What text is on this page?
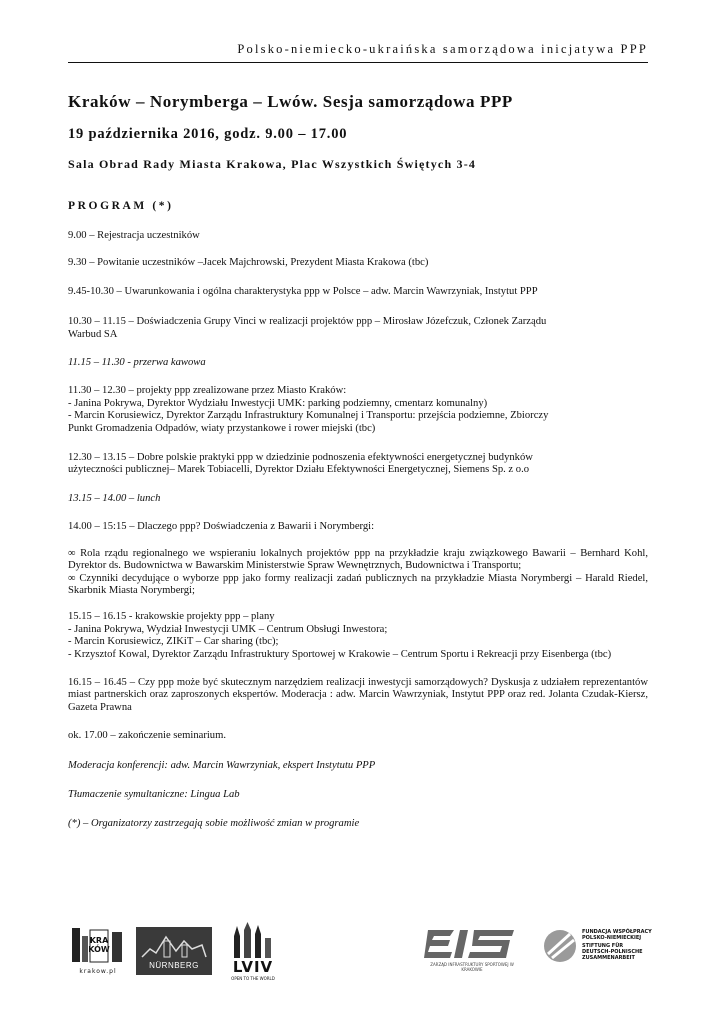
Polsko-niemiecko-ukraińska samorządowa inicjatywa PPP
Kraków – Norymberga – Lwów. Sesja samorządowa PPP
19 października 2016, godz. 9.00 – 17.00
Sala Obrad Rady Miasta Krakowa, Plac Wszystkich Świętych 3-4
PROGRAM (*)

9.00 – Rejestracja uczestników

9.30 – Powitanie uczestników –Jacek Majchrowski, Prezydent Miasta Krakowa (tbc)

9.45-10.30 – Uwarunkowania i ogólna charakterystyka ppp w Polsce – adw. Marcin Wawrzyniak, Instytut PPP

10.30 – 11.15 – Doświadczenia Grupy Vinci w realizacji projektów ppp – Mirosław Józefczuk, Członek Zarządu
Warbud SA

11.15 – 11.30 - przerwa kawowa

11.30 – 12.30 – projekty ppp zrealizowane przez Miasto Kraków:
- Janina Pokrywa, Dyrektor Wydziału Inwestycji UMK: parking podziemny, cmentarz komunalny)
- Marcin Korusiewicz, Dyrektor Zarządu Infrastruktury Komunalnej i Transportu: przejścia podziemne, Zbiorczy
Punkt Gromadzenia Odpadów, wiaty przystankowe i rower miejski (tbc)

12.30 – 13.15 – Dobre polskie praktyki ppp w dziedzinie podnoszenia efektywności energetycznej budynków
użyteczności publicznej– Marek Tobiacelli, Dyrektor Działu Efektywności Energetycznej, Siemens Sp. z o.o

13.15 – 14.00 – lunch

14.00 – 15:15 – Dlaczego ppp? Doświadczenia z Bawarii i Norymbergi:

∞ Rola rządu regionalnego we wspieraniu lokalnych projektów ppp na przykładzie kraju związkowego Bawarii – Bernhard Kohl, Dyrektor ds. Budownictwa w Bawarskim Ministerstwie Spraw Wewnętrznych, Budownictwa i Transportu;

∞ Czynniki decydujące o wyborze ppp jako formy realizacji zadań publicznych na przykładzie Miasta Norymbergi – Harald Riedel, Skarbnik Miasta Norymbergi;

15.15 – 16.15 - krakowskie projekty ppp – plany
- Janina Pokrywa, Wydział Inwestycji UMK – Centrum Obsługi Inwestora;
- Marcin Korusiewicz, ZIKiT – Car sharing (tbc);
- Krzysztof Kowal, Dyrektor Zarządu Infrastruktury Sportowej w Krakowie – Centrum Sportu i Rekreacji przy Eisenberga (tbc)

16.15 – 16.45 – Czy ppp może być skutecznym narzędziem realizacji inwestycji samorządowych? Dyskusja z udziałem reprezentantów miast partnerskich oraz zaproszonych ekspertów. Moderacja : adw. Marcin Wawrzyniak, Instytut PPP oraz red. Jolanta Czudak-Kiersz, Gazeta Prawna

ok. 17.00 – zakończenie seminarium.

Moderacja konferencji: adw. Marcin Wawrzyniak, ekspert Instytutu PPP

Tłumaczenie symultaniczne: Lingua Lab

(*) – Organizatorzy zastrzegają sobie możliwość zmian w programie

KRA KÓW
krakow.pl
NÜRNBERG	LVIV
OPEN TO THE WORLD
ZARZĄD INFRASTRUKTURY SPORTOWEJ W KRAKOWIE
FUNDACJA WSPÓŁPRACY POLSKO-NIEMIECKIEJ
STIFTUNG FÜR DEUTSCH-POLNISCHE ZUSAMMENARBEIT
